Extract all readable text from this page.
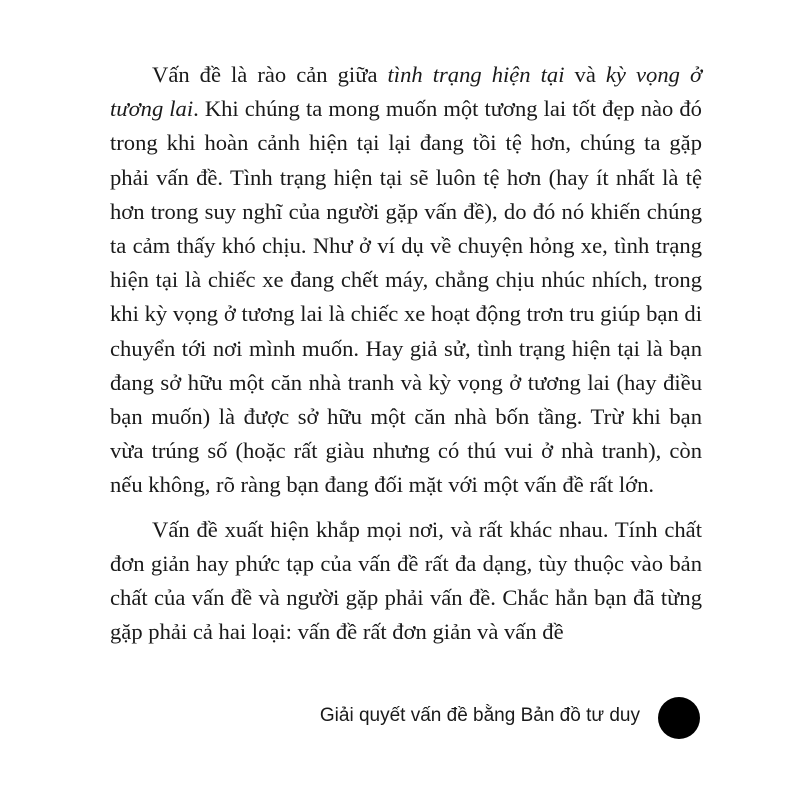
Vấn đề là rào cản giữa tình trạng hiện tại và kỳ vọng ở tương lai. Khi chúng ta mong muốn một tương lai tốt đẹp nào đó trong khi hoàn cảnh hiện tại lại đang tồi tệ hơn, chúng ta gặp phải vấn đề. Tình trạng hiện tại sẽ luôn tệ hơn (hay ít nhất là tệ hơn trong suy nghĩ của người gặp vấn đề), do đó nó khiến chúng ta cảm thấy khó chịu. Như ở ví dụ về chuyện hỏng xe, tình trạng hiện tại là chiếc xe đang chết máy, chẳng chịu nhúc nhích, trong khi kỳ vọng ở tương lai là chiếc xe hoạt động trơn tru giúp bạn di chuyển tới nơi mình muốn. Hay giả sử, tình trạng hiện tại là bạn đang sở hữu một căn nhà tranh và kỳ vọng ở tương lai (hay điều bạn muốn) là được sở hữu một căn nhà bốn tầng. Trừ khi bạn vừa trúng số (hoặc rất giàu nhưng có thú vui ở nhà tranh), còn nếu không, rõ ràng bạn đang đối mặt với một vấn đề rất lớn.

Vấn đề xuất hiện khắp mọi nơi, và rất khác nhau. Tính chất đơn giản hay phức tạp của vấn đề rất đa dạng, tùy thuộc vào bản chất của vấn đề và người gặp phải vấn đề. Chắc hẳn bạn đã từng gặp phải cả hai loại: vấn đề rất đơn giản và vấn đề

Giải quyết vấn đề bằng Bản đồ tư duy
